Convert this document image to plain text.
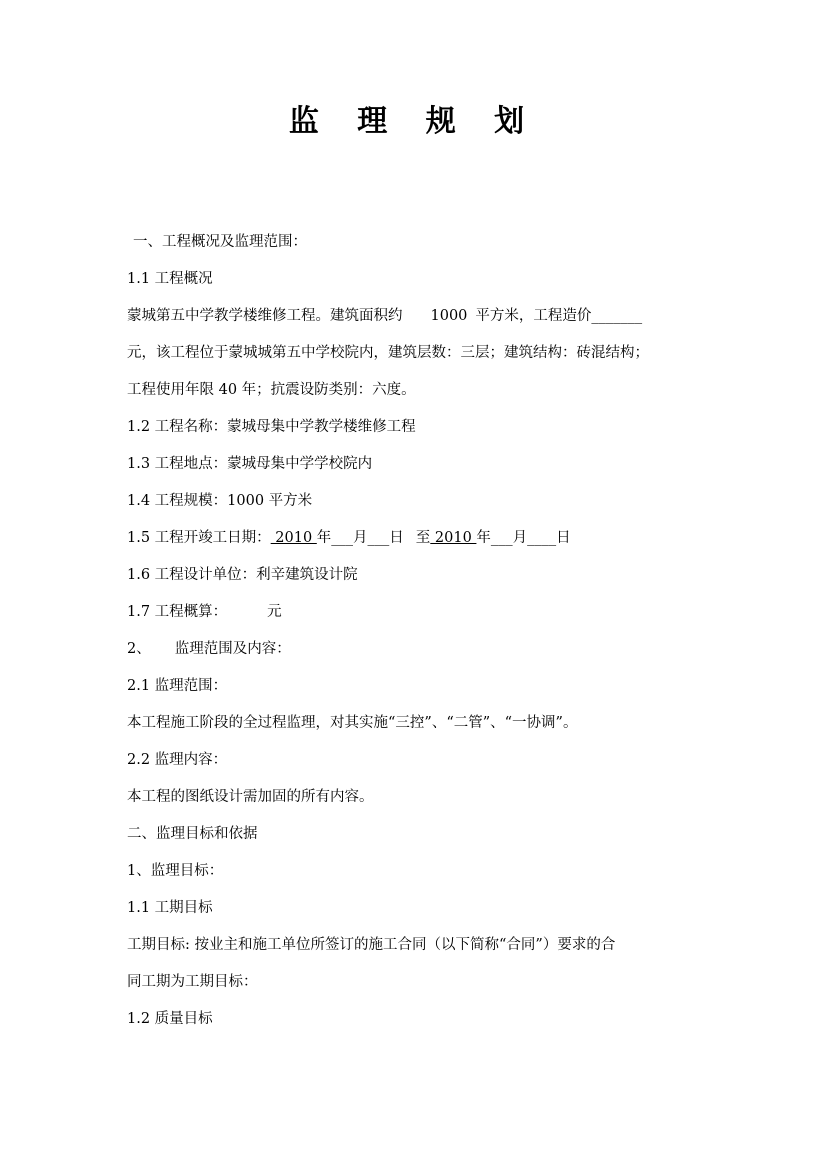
监 理 规 划
一、工程概况及监理范围：
1.1 工程概况
蒙城第五中学教学楼维修工程。建筑面积约 1000 平方米，工程造价_______
元，该工程位于蒙城城第五中学校院内，建筑层数：三层；建筑结构：砖混结构；
工程使用年限 40 年；抗震设防类别：六度。
1.2 工程名称：蒙城母集中学教学楼维修工程
1.3 工程地点：蒙城母集中学学校院内
1.4 工程规模：1000 平方米
1.5 工程开竣工日期： 2010 年___月___日 至 2010 年___月____日
1.6 工程设计单位：利辛建筑设计院
1.7 工程概算：	元
2、 监理范围及内容：
2.1 监理范围：
本工程施工阶段的全过程监理，对其实施“三控”、“二管”、“一协调”。
2.2 监理内容：
本工程的图纸设计需加固的所有内容。
二、监理目标和依据
1、监理目标：
1.1 工期目标
工期目标: 按业主和施工单位所签订的施工合同（以下简称“合同”）要求的合
同工期为工期目标：
1.2 质量目标
